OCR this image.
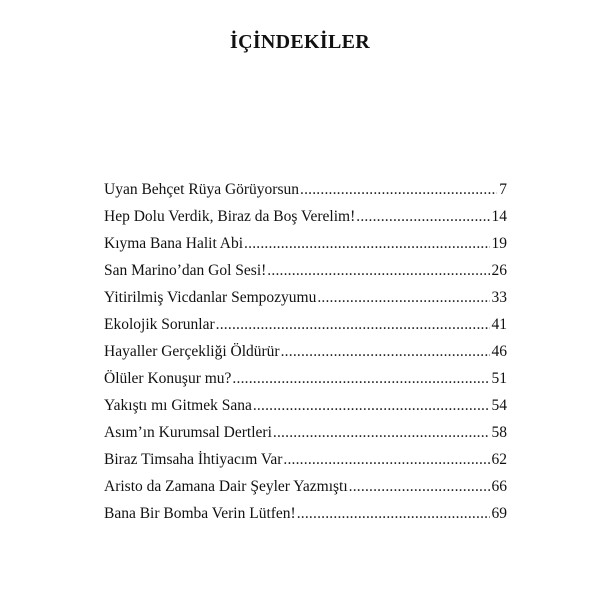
İÇİNDEKİLER
Uyan Behçet Rüya Görüyorsun .....	7
Hep Dolu Verdik, Biraz da Boş Verelim! .....	14
Kıyma Bana Halit Abi .....	19
San Marino’dan Gol Sesi! .....	26
Yitirilmiş Vicdanlar Sempozyumu .....	33
Ekolojik Sorunlar .....	41
Hayaller Gerçekliği Öldürür .....	46
Ölüler Konuşur mu? .....	51
Yakıştı mı Gitmek Sana .....	54
Asım’ın Kurumsal Dertleri .....	58
Biraz Timsaha İhtiyacım Var .....	62
Aristo da Zamana Dair Şeyler Yazmıştı .....	66
Bana Bir Bomba Verin Lütfen! .....	69
